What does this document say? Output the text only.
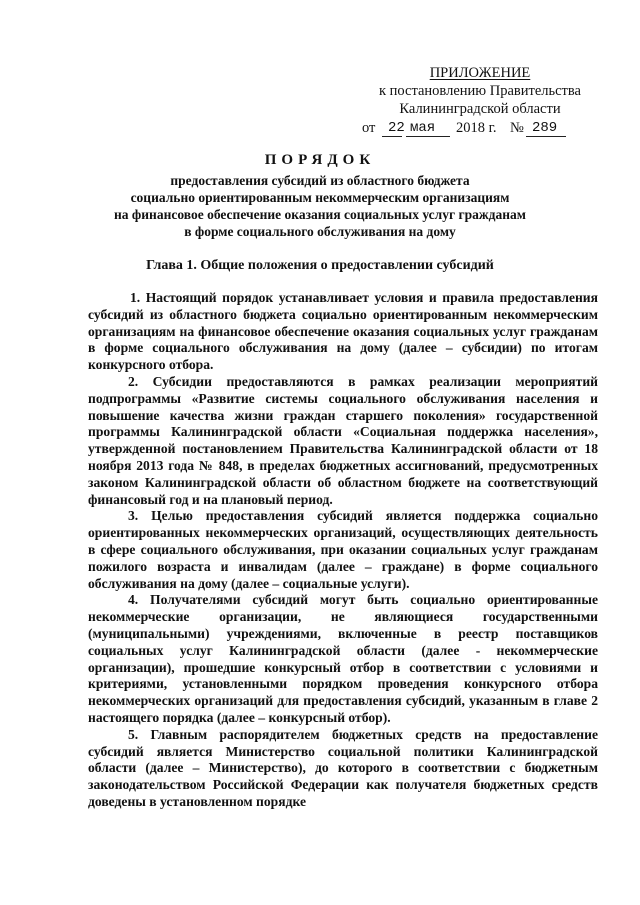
ПРИЛОЖЕНИЕ
к постановлению Правительства
Калининградской области
от 22 мая 2018 г. № 289
ПОРЯДОК
предоставления субсидий из областного бюджета
социально ориентированным некоммерческим организациям
на финансовое обеспечение оказания социальных услуг гражданам
в форме социального обслуживания на дому
Глава 1. Общие положения о предоставлении субсидий

1. Настоящий порядок устанавливает условия и правила предоставления субсидий из областного бюджета социально ориентированным некоммерческим организациям на финансовое обеспечение оказания социальных услуг гражданам в форме социального обслуживания на дому (далее – субсидии) по итогам конкурсного отбора.

2. Субсидии предоставляются в рамках реализации мероприятий подпрограммы «Развитие системы социального обслуживания населения и повышение качества жизни граждан старшего поколения» государственной программы Калининградской области «Социальная поддержка населения», утвержденной постановлением Правительства Калининградской области от 18 ноября 2013 года № 848, в пределах бюджетных ассигнований, предусмотренных законом Калининградской области об областном бюджете на соответствующий финансовый год и на плановый период.

3. Целью предоставления субсидий является поддержка социально ориентированных некоммерческих организаций, осуществляющих деятельность в сфере социального обслуживания, при оказании социальных услуг гражданам пожилого возраста и инвалидам (далее – граждане) в форме социального обслуживания на дому (далее – социальные услуги).

4. Получателями субсидий могут быть социально ориентированные некоммерческие организации, не являющиеся государственными (муниципальными) учреждениями, включенные в реестр поставщиков социальных услуг Калининградской области (далее - некоммерческие организации), прошедшие конкурсный отбор в соответствии с условиями и критериями, установленными порядком проведения конкурсного отбора некоммерческих организаций для предоставления субсидий, указанным в главе 2 настоящего порядка (далее – конкурсный отбор).

5. Главным распорядителем бюджетных средств на предоставление субсидий является Министерство социальной политики Калининградской области (далее – Министерство), до которого в соответствии с бюджетным законодательством Российской Федерации как получателя бюджетных средств доведены в установленном порядке
